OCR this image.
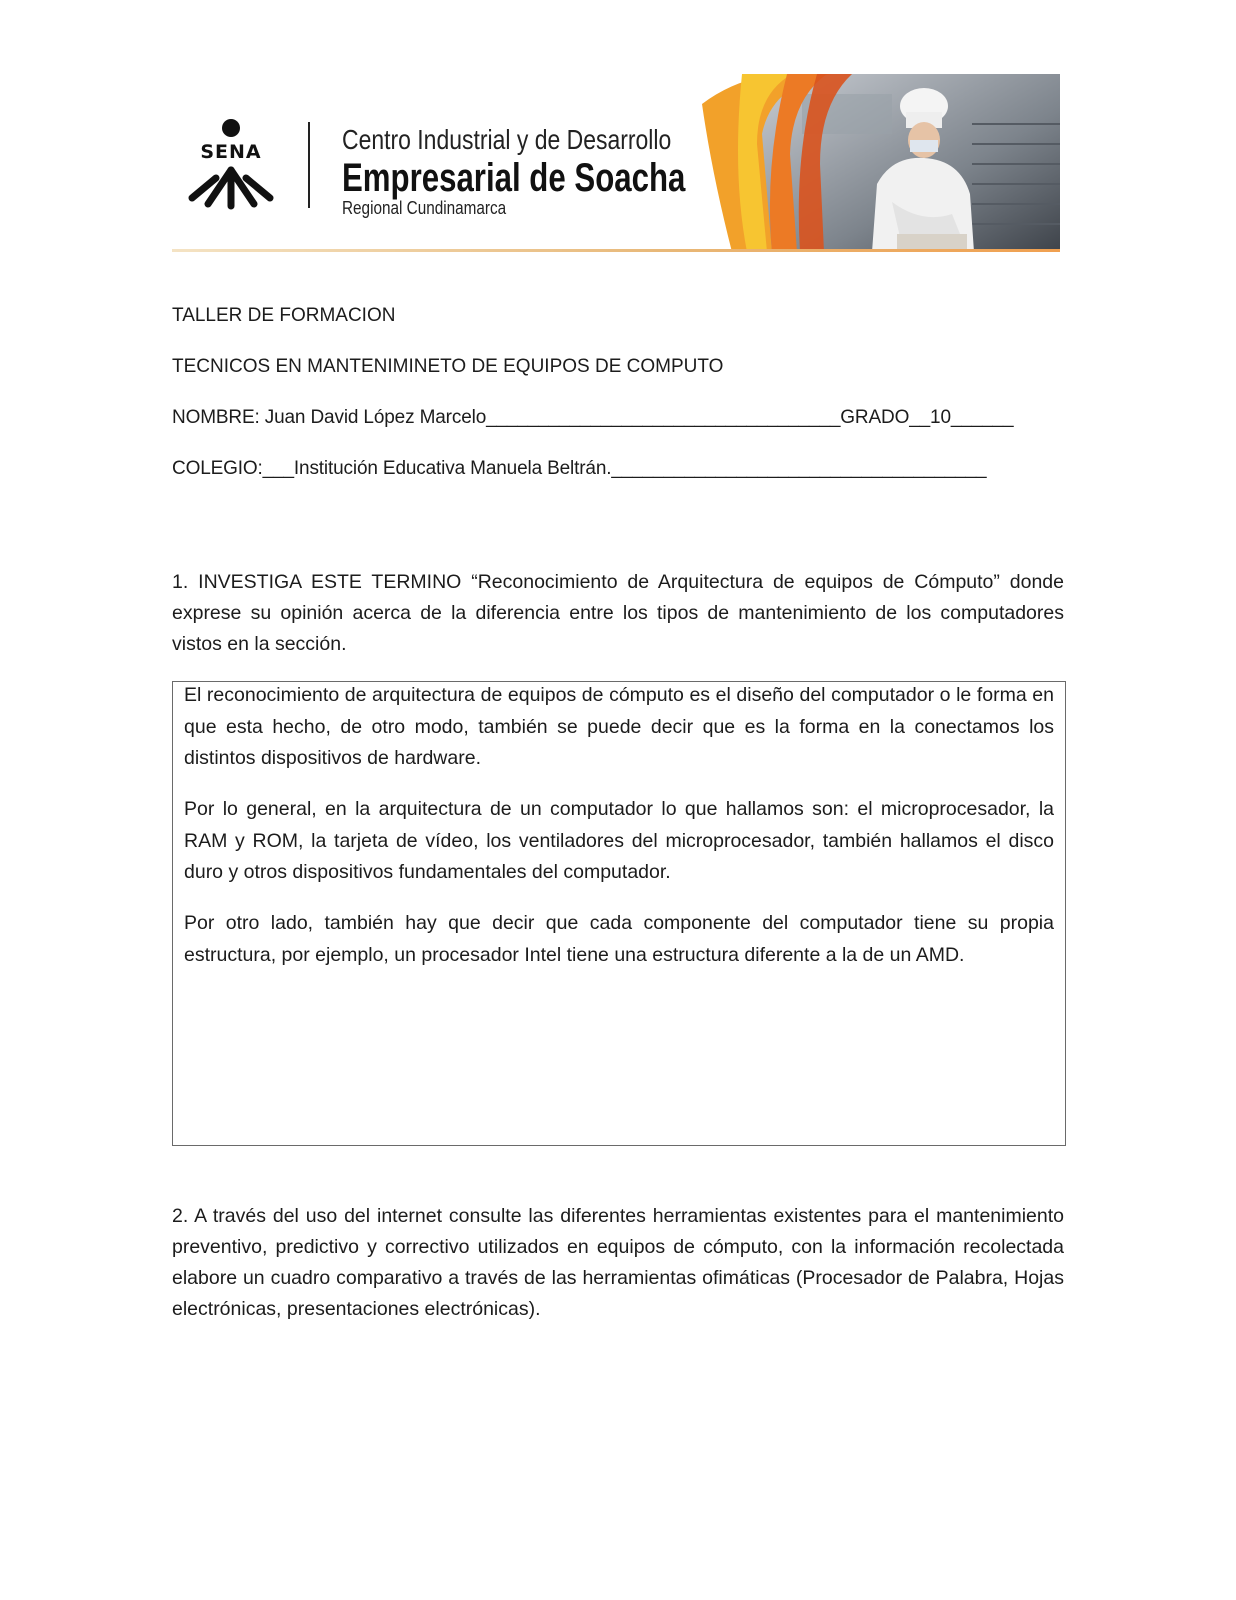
SENA	Centro Industrial y de Desarrollo
Empresarial de Soacha
Regional Cundinamarca
TALLER DE FORMACION
TECNICOS EN MANTENIMINETO DE EQUIPOS DE COMPUTO
NOMBRE: Juan David López Marcelo__________________________________GRADO__10______
COLEGIO:___Institución Educativa Manuela Beltrán.____________________________________
1. INVESTIGA ESTE TERMINO “Reconocimiento de Arquitectura de equipos de Cómputo” donde exprese su opinión acerca de la diferencia entre los tipos de mantenimiento de los computadores vistos en la sección.

El reconocimiento de arquitectura de equipos de cómputo es el diseño del computador o le forma en que esta hecho, de otro modo, también se puede decir que es la forma en la conectamos los distintos dispositivos de hardware.

Por lo general, en la arquitectura de un computador lo que hallamos son: el microprocesador, la RAM y ROM, la tarjeta de vídeo, los ventiladores del microprocesador, también hallamos el disco duro y otros dispositivos fundamentales del computador.

Por otro lado, también hay que decir que cada componente del computador tiene su propia estructura, por ejemplo, un procesador Intel tiene una estructura diferente a la de un AMD.

2. A través del uso del internet consulte las diferentes herramientas existentes para el mantenimiento preventivo, predictivo y correctivo utilizados en equipos de cómputo, con la información recolectada elabore un cuadro comparativo a través de las herramientas ofimáticas (Procesador de Palabra, Hojas electrónicas, presentaciones electrónicas).
